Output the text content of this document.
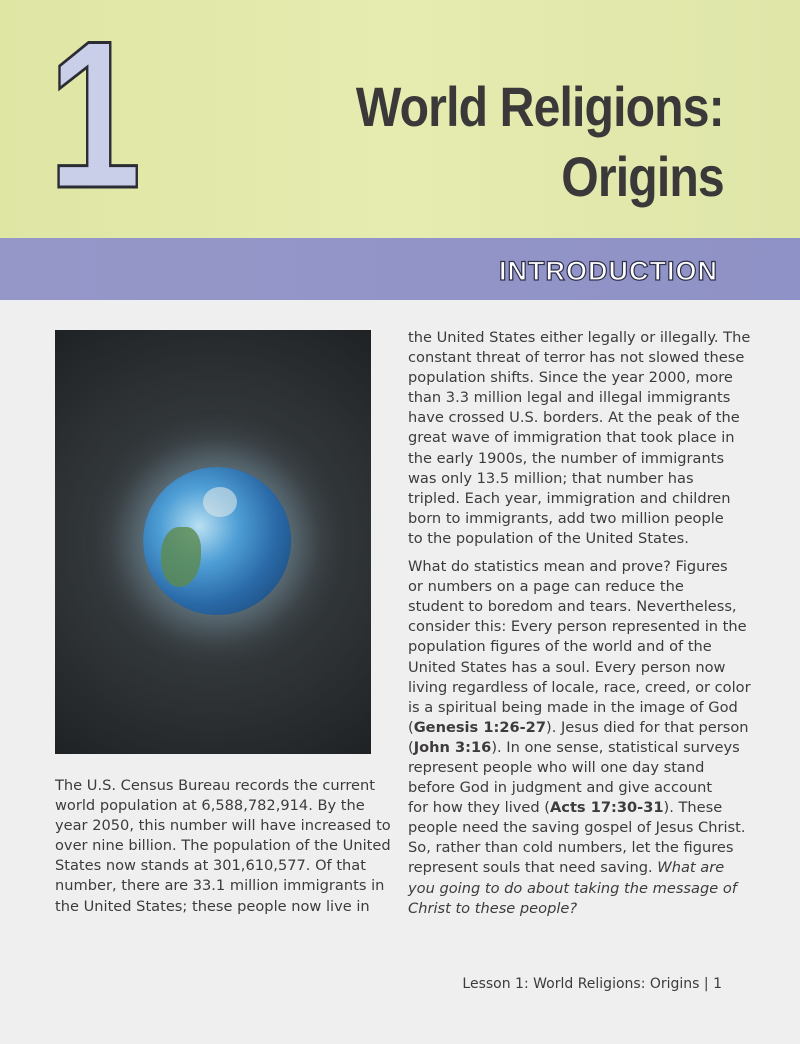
1	World Religions:
Origins
INTRODUCTION
The U.S. Census Bureau records the current
world population at 6,588,782,914. By the
year 2050, this number will have increased to
over nine billion. The population of the United
States now stands at 301,610,577. Of that
number, there are 33.1 million immigrants in
the United States; these people now live in
the United States either legally or illegally. The
constant threat of terror has not slowed these
population shifts. Since the year 2000, more
than 3.3 million legal and illegal immigrants
have crossed U.S. borders. At the peak of the
great wave of immigration that took place in
the early 1900s, the number of immigrants
was only 13.5 million; that number has
tripled. Each year, immigration and children
born to immigrants, add two million people
to the population of the United States.
What do statistics mean and prove? Figures
or numbers on a page can reduce the
student to boredom and tears. Nevertheless,
consider this: Every person represented in the
population figures of the world and of the
United States has a soul. Every person now
living regardless of locale, race, creed, or color
is a spiritual being made in the image of God
(Genesis 1:26-27). Jesus died for that person
(John 3:16). In one sense, statistical surveys
represent people who will one day stand
before God in judgment and give account
for how they lived (Acts 17:30-31). These
people need the saving gospel of Jesus Christ.
So, rather than cold numbers, let the figures
represent souls that need saving. What are
you going to do about taking the message of
Christ to these people?
Lesson 1: World Religions: Origins | 1
